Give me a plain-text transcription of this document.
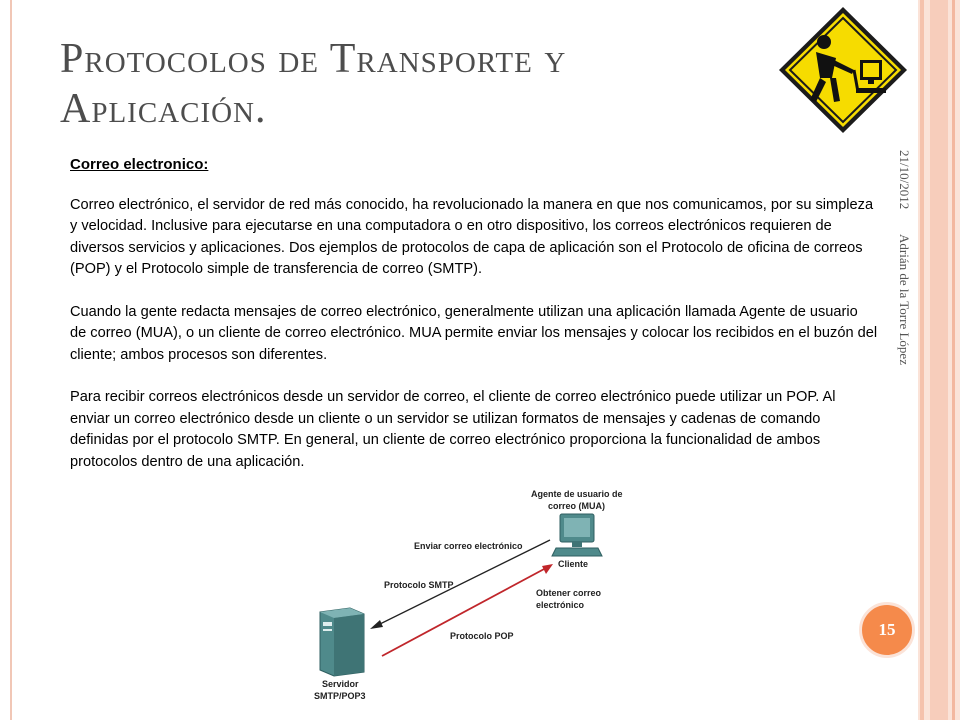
Protocolos de Transporte y
Aplicación.
21/10/2012 Adrián de la Torre López
Correo electronico:

Correo electrónico, el servidor de red más conocido, ha revolucionado la manera en que nos comunicamos, por su simpleza y velocidad. Inclusive para ejecutarse en una computadora o en otro dispositivo, los correos electrónicos requieren de diversos servicios y aplicaciones. Dos ejemplos de protocolos de capa de aplicación son el Protocolo de oficina de correos (POP) y el Protocolo simple de transferencia de correo (SMTP).

Cuando la gente redacta mensajes de correo electrónico, generalmente utilizan una aplicación llamada Agente de usuario de correo (MUA), o un cliente de correo electrónico. MUA permite enviar los mensajes y colocar los recibidos en el buzón del cliente; ambos procesos son diferentes.

Para recibir correos electrónicos desde un servidor de correo, el cliente de correo electrónico puede utilizar un POP. Al enviar un correo electrónico desde un cliente o un servidor se utilizan formatos de mensajes y cadenas de comando definidas por el protocolo SMTP. En general, un cliente de correo electrónico proporciona la funcionalidad de ambos protocolos dentro de una aplicación.

Agente de usuario de
correo (MUA)
Enviar correo electrónico
Cliente
Protocolo SMTP
Obtener correo
electrónico
Protocolo POP
Servidor
SMTP/POP3
15
